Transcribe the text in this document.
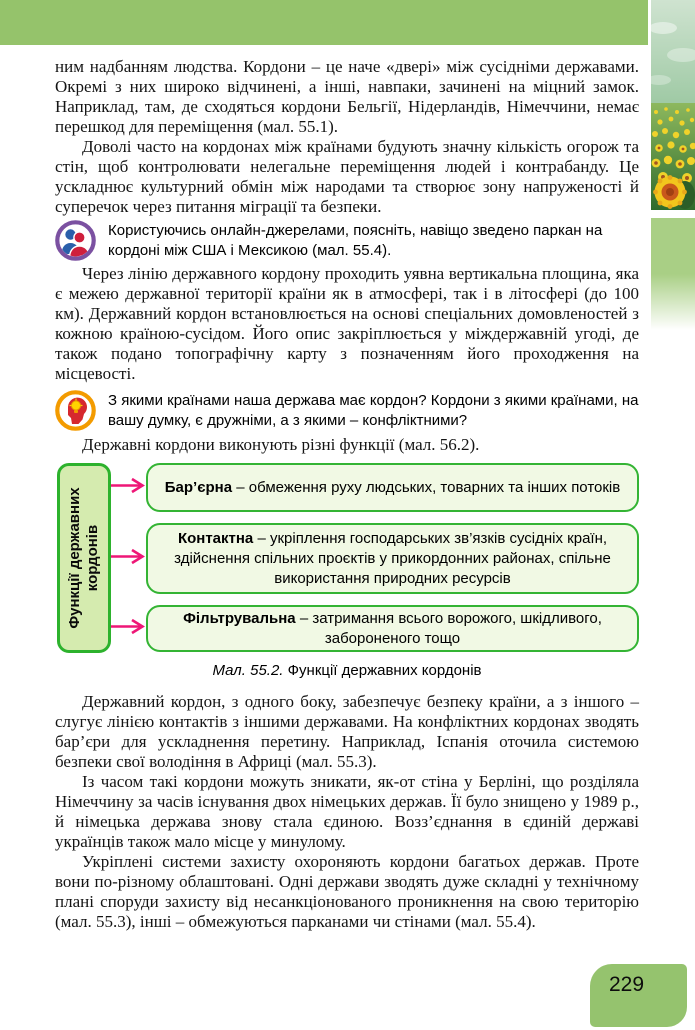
ним надбанням людства. Кордони – це наче «двері» між сусідніми державами. Окремі з них широко відчинені, а інші, навпаки, зачинені на міцний замок. Наприклад, там, де сходяться кордони Бельгії, Нідерландів, Німеччини, немає перешкод для переміщення (мал. 55.1).

Доволі часто на кордонах між країнами будують значну кількість огорож та стін, щоб контролювати нелегальне переміщення людей і контрабанду. Це ускладнює культурний обмін між народами та створює зону напруженості й суперечок через питання міграції та безпеки.

Користуючись онлайн-джерелами, поясніть, навіщо зведено паркан на кордоні між США і Мексикою (мал. 55.4).

Через лінію державного кордону проходить уявна вертикальна площина, яка є межею державної території країни як в атмосфері, так і в літосфері (до 100 км). Державний кордон встановлюється на основі спеціальних домовленостей з кожною країною-сусідом. Його опис закріплюється у міждержавній угоді, де також подано топографічну карту з позначенням його проходження на місцевості.

З якими країнами наша держава має кордон? Кордони з якими країнами, на вашу думку, є дружніми, а з якими – конфліктними?

Державні кордони виконують різні функції (мал. 56.2).

Функції державних кордонів
Бар’єрна – обмеження руху людських, товарних та інших потоків
Контактна – укріплення господарських зв’язків сусідніх країн, здійснення спільних проєктів у прикордонних районах, спільне використання природних ресурсів
Фільтрувальна – затримання всього ворожого, шкідливого, забороненого тощо
Мал. 55.2. Функції державних кордонів

Державний кордон, з одного боку, забезпечує безпеку країни, а з іншого – слугує лінією контактів з іншими державами. На конфліктних кордонах зводять бар’єри для ускладнення перетину. Наприклад, Іспанія оточила системою безпеки свої володіння в Африці (мал. 55.3).

Із часом такі кордони можуть зникати, як-от стіна у Берліні, що розділяла Німеччину за часів існування двох німецьких держав. Її було знищено у 1989 р., й німецька держава знову стала єдиною. Возз’єднання в єдиній державі українців також мало місце у минулому.

Укріплені системи захисту охороняють кордони багатьох держав. Проте вони по-різному облаштовані. Одні держави зводять дуже складні у технічному плані споруди захисту від несанкціонованого проникнення на свою територію (мал. 55.3), інші – обмежуються парканами чи стінами (мал. 55.4).

229
